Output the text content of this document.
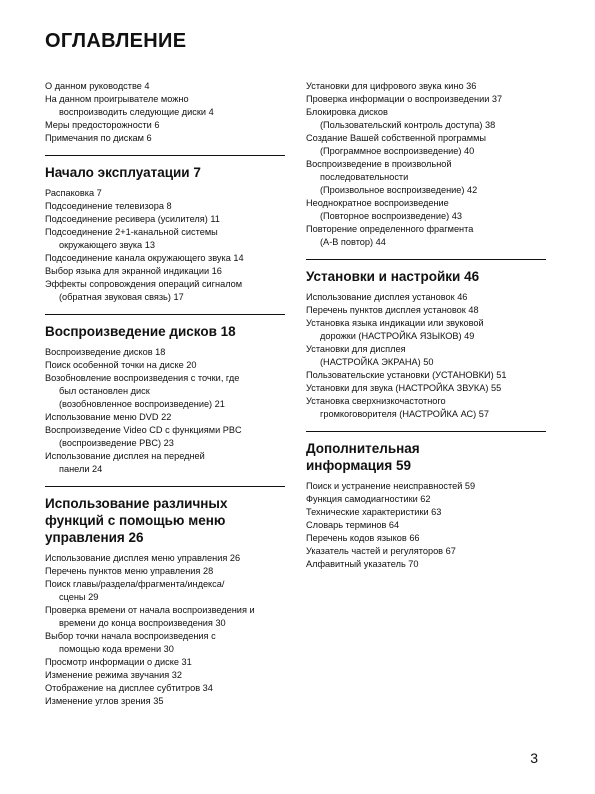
ОГЛАВЛЕНИЕ
О данном руководстве 4
На данном проигрывателе можно
воспроизводить следующие диски 4
Меры предосторожности 6
Примечания по дискам 6
Начало эксплуатации 7
Распаковка 7
Подсоединение телевизора 8
Подсоединение ресивера (усилителя) 11
Подсоединение 2+1-канальной системы
окружающего звука 13
Подсоединение канала окружающего звука 14
Выбор языка для экранной индикации 16
Эффекты сопровождения операций сигналом
(обратная звуковая связь) 17
Воспроизведение дисков 18
Воспроизведение дисков 18
Поиск особенной точки на диске 20
Возобновление воспроизведения с точки, где
был остановлен диск
(возобновленное воспроизведение) 21
Использование меню DVD 22
Воспроизведение Video CD с функциями PBC
(воспроизведение PBC) 23
Использование дисплея на передней
панели 24
Использование различных
функций с помощью меню
управления 26
Использование дисплея меню управления 26
Перечень пунктов меню управления 28
Поиск главы/раздела/фрагмента/индекса/
сцены 29
Проверка времени от начала воспроизведения и
времени до конца воспроизведения 30
Выбор точки начала воспроизведения с
помощью кода времени 30
Просмотр информации о диске 31
Изменение режима звучания 32
Отображение на дисплее субтитров 34
Изменение углов зрения 35
Установки для цифрового звука кино 36
Проверка информации о воспроизведении 37
Блокировка дисков
(Пользовательский контроль доступа) 38
Создание Вашей собственной программы
(Программное воспроизведение) 40
Воспроизведение в произвольной
последовательности
(Произвольное воспроизведение) 42
Неоднократное воспроизведение
(Повторное воспроизведение) 43
Повторение определенного фрагмента
(А-В повтор) 44
Установки и настройки 46
Использование дисплея установок 46
Перечень пунктов дисплея установок 48
Установка языка индикации или звуковой
дорожки (НАСТРОЙКА ЯЗЫКОВ) 49
Установки для дисплея
(НАСТРОЙКА ЭКРАНА) 50
Пользовательские установки (УСТАНОВКИ) 51
Установки для звука (НАСТРОЙКА ЗВУКА) 55
Установка сверхнизкочастотного
громкоговорителя (НАСТРОЙКА АС) 57
Дополнительная
информация 59
Поиск и устранение неисправностей 59
Функция самодиагностики 62
Технические характеристики 63
Словарь терминов 64
Перечень кодов языков 66
Указатель частей и регуляторов 67
Алфавитный указатель 70
3
